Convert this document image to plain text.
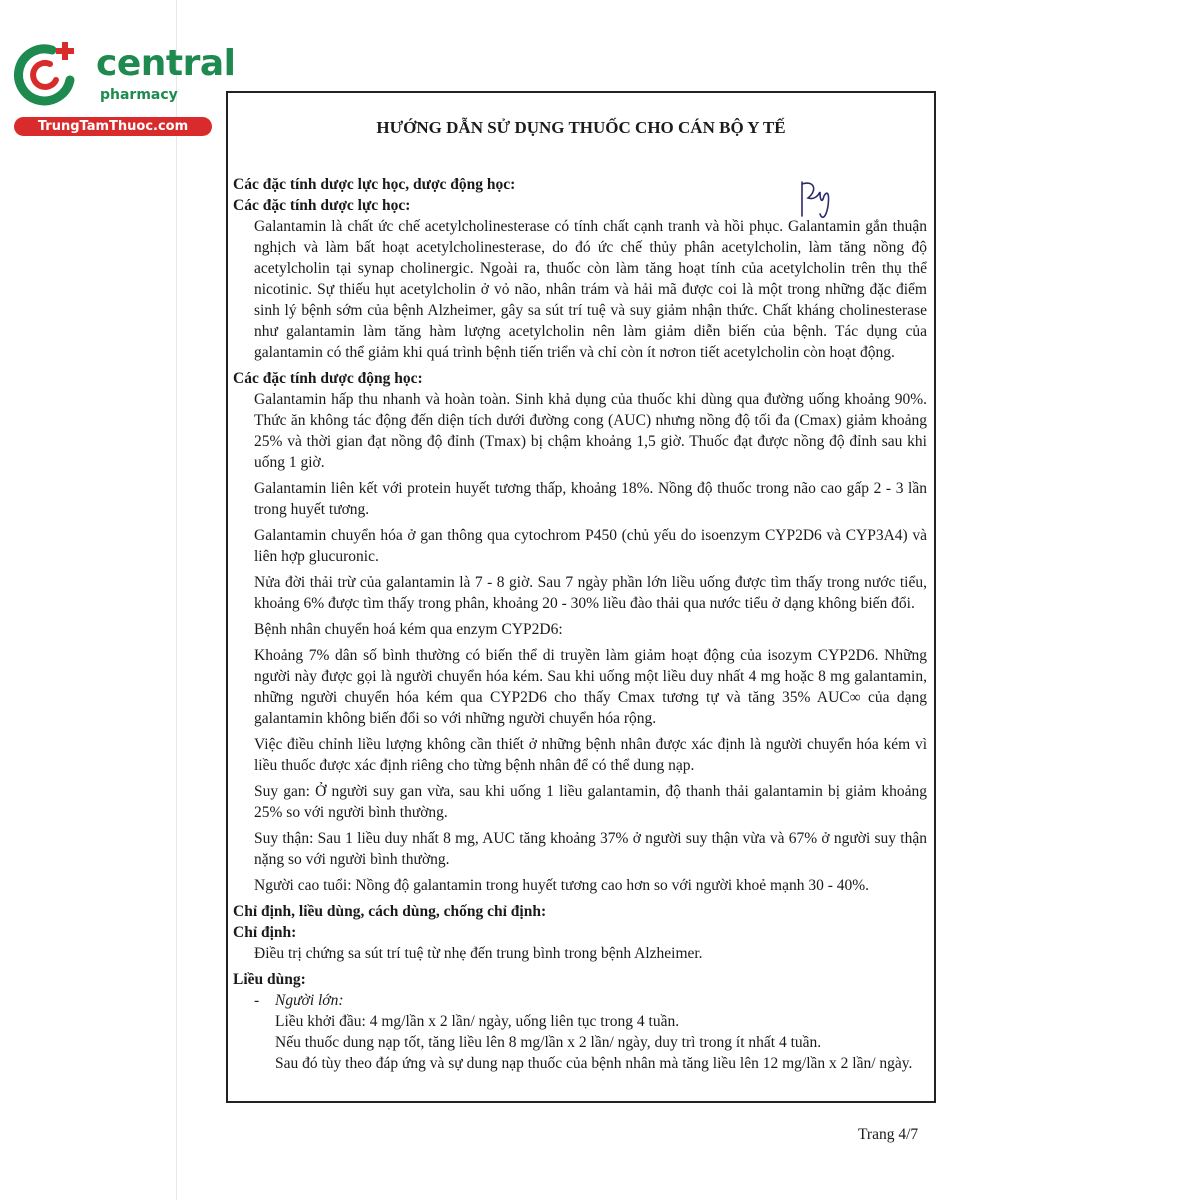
central
pharmacy
TrungTamThuoc.com	HƯỚNG DẪN SỬ DỤNG THUỐC CHO CÁN BỘ Y TẾ

Các đặc tính dược lực học, dược động học:

Các đặc tính dược lực học:

Galantamin là chất ức chế acetylcholinesterase có tính chất cạnh tranh và hồi phục. Galantamin gắn thuận nghịch và làm bất hoạt acetylcholinesterase, do đó ức chế thủy phân acetylcholin, làm tăng nồng độ acetylcholin tại synap cholinergic. Ngoài ra, thuốc còn làm tăng hoạt tính của acetylcholin trên thụ thể nicotinic. Sự thiếu hụt acetylcholin ở vỏ não, nhân trám và hải mã được coi là một trong những đặc điểm sinh lý bệnh sớm của bệnh Alzheimer, gây sa sút trí tuệ và suy giảm nhận thức. Chất kháng cholinesterase như galantamin làm tăng hàm lượng acetylcholin nên làm giảm diễn biến của bệnh. Tác dụng của galantamin có thể giảm khi quá trình bệnh tiến triển và chỉ còn ít nơron tiết acetylcholin còn hoạt động.

Các đặc tính dược động học:

Galantamin hấp thu nhanh và hoàn toàn. Sinh khả dụng của thuốc khi dùng qua đường uống khoảng 90%. Thức ăn không tác động đến diện tích dưới đường cong (AUC) nhưng nồng độ tối đa (Cmax) giảm khoảng 25% và thời gian đạt nồng độ đỉnh (Tmax) bị chậm khoảng 1,5 giờ. Thuốc đạt được nồng độ đỉnh sau khi uống 1 giờ.

Galantamin liên kết với protein huyết tương thấp, khoảng 18%. Nồng độ thuốc trong não cao gấp 2 - 3 lần trong huyết tương.

Galantamin chuyển hóa ở gan thông qua cytochrom P450 (chủ yếu do isoenzym CYP2D6 và CYP3A4) và liên hợp glucuronic.

Nửa đời thải trừ của galantamin là 7 - 8 giờ. Sau 7 ngày phần lớn liều uống được tìm thấy trong nước tiểu, khoảng 6% được tìm thấy trong phân, khoảng 20 - 30% liều đào thải qua nước tiểu ở dạng không biến đổi.

Bệnh nhân chuyển hoá kém qua enzym CYP2D6:

Khoảng 7% dân số bình thường có biến thể di truyền làm giảm hoạt động của isozym CYP2D6. Những người này được gọi là người chuyển hóa kém. Sau khi uống một liều duy nhất 4 mg hoặc 8 mg galantamin, những người chuyển hóa kém qua CYP2D6 cho thấy Cmax tương tự và tăng 35% AUC∞ của dạng galantamin không biến đổi so với những người chuyển hóa rộng.

Việc điều chỉnh liều lượng không cần thiết ở những bệnh nhân được xác định là người chuyển hóa kém vì liều thuốc được xác định riêng cho từng bệnh nhân để có thể dung nạp.

Suy gan: Ở người suy gan vừa, sau khi uống 1 liều galantamin, độ thanh thải galantamin bị giảm khoảng 25% so với người bình thường.

Suy thận: Sau 1 liều duy nhất 8 mg, AUC tăng khoảng 37% ở người suy thận vừa và 67% ở người suy thận nặng so với người bình thường.

Người cao tuổi: Nồng độ galantamin trong huyết tương cao hơn so với người khoẻ mạnh 30 - 40%.

Chỉ định, liều dùng, cách dùng, chống chỉ định:

Chỉ định:

Điều trị chứng sa sút trí tuệ từ nhẹ đến trung bình trong bệnh Alzheimer.

Liều dùng:

-	Người lớn:

Liều khởi đầu: 4 mg/lần x 2 lần/ ngày, uống liên tục trong 4 tuần.

Nếu thuốc dung nạp tốt, tăng liều lên 8 mg/lần x 2 lần/ ngày, duy trì trong ít nhất 4 tuần.

Sau đó tùy theo đáp ứng và sự dung nạp thuốc của bệnh nhân mà tăng liều lên 12 mg/lần x 2 lần/ ngày.

Trang 4/7
